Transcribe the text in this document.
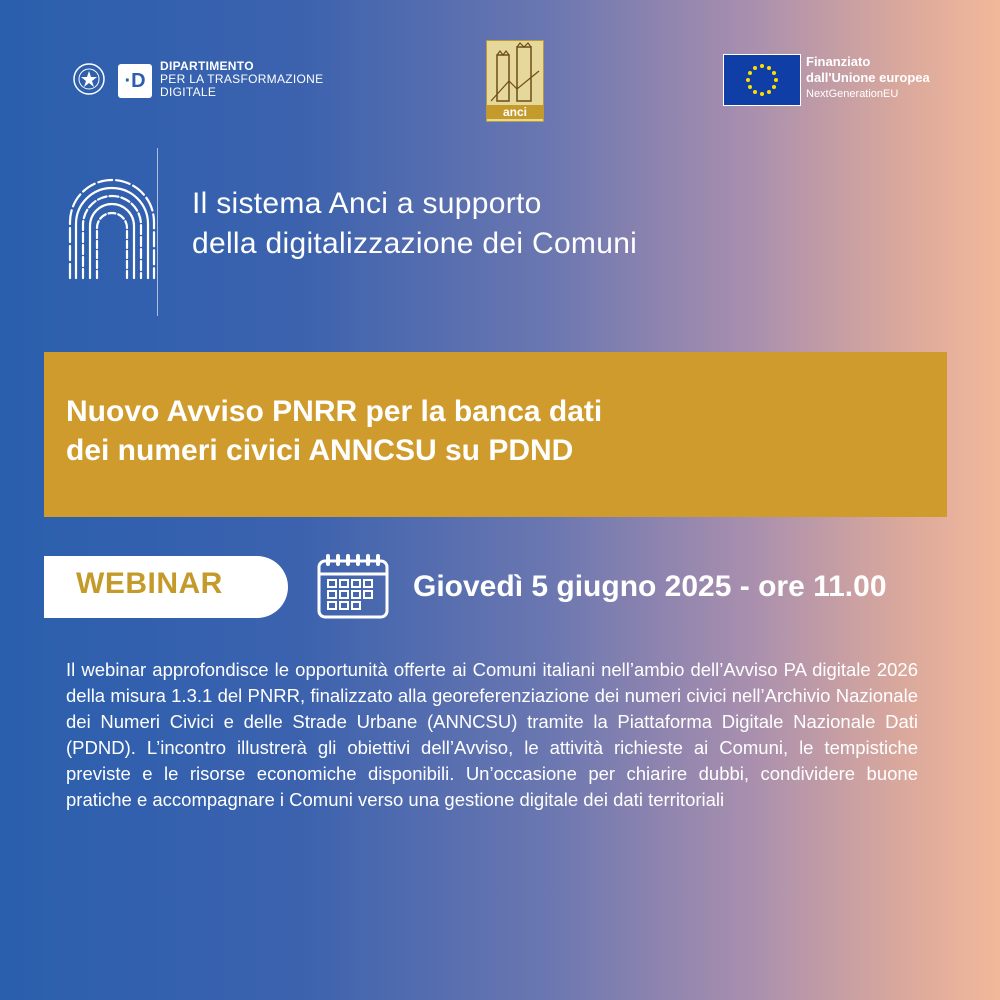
·D
DIPARTIMENTO
PER LA TRASFORMAZIONE
DIGITALE
anci
Finanziato
dall'Unione europea
NextGenerationEU
Il sistema Anci a supporto
della digitalizzazione dei Comuni
Nuovo Avviso PNRR per la banca dati
dei numeri civici ANNCSU su PDND
WEBINAR	Giovedì 5 giugno 2025 - ore 11.00
Il webinar approfondisce le opportunità offerte ai Comuni italiani nell’ambio dell’Avviso PA digitale 2026 della misura 1.3.1 del PNRR, finalizzato alla georeferenziazione dei numeri civici nell’Archivio Nazionale dei Numeri Civici e delle Strade Urbane (ANNCSU) tramite la Piattaforma Digitale Nazionale Dati (PDND). L’incontro illustrerà gli obiettivi dell’Avviso, le attività richieste ai Comuni, le tempistiche previste e le risorse economiche disponibili. Un’occasione per chiarire dubbi, condividere buone pratiche e accompagnare i Comuni verso una gestione digitale dei dati territoriali
